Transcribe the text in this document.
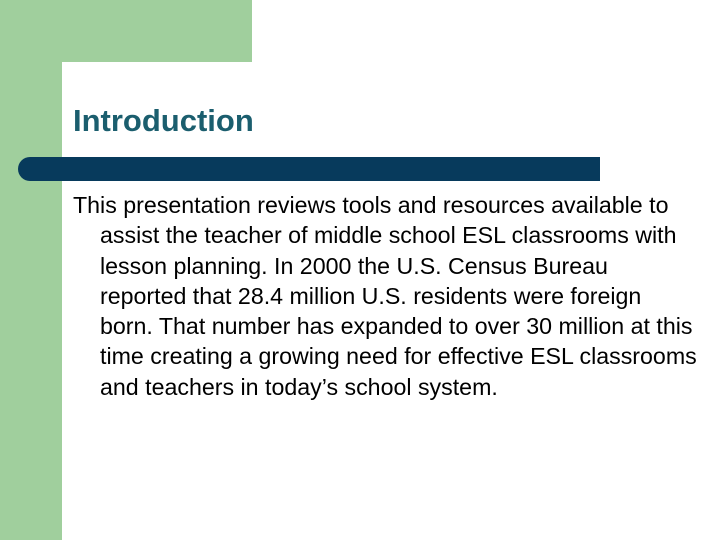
Introduction

This presentation reviews tools and resources available to assist the teacher of middle school ESL classrooms with lesson planning. In 2000 the U.S. Census Bureau reported that 28.4 million U.S. residents were foreign born. That number has expanded to over 30 million at this time creating a growing need for effective ESL classrooms and teachers in today’s school system.
